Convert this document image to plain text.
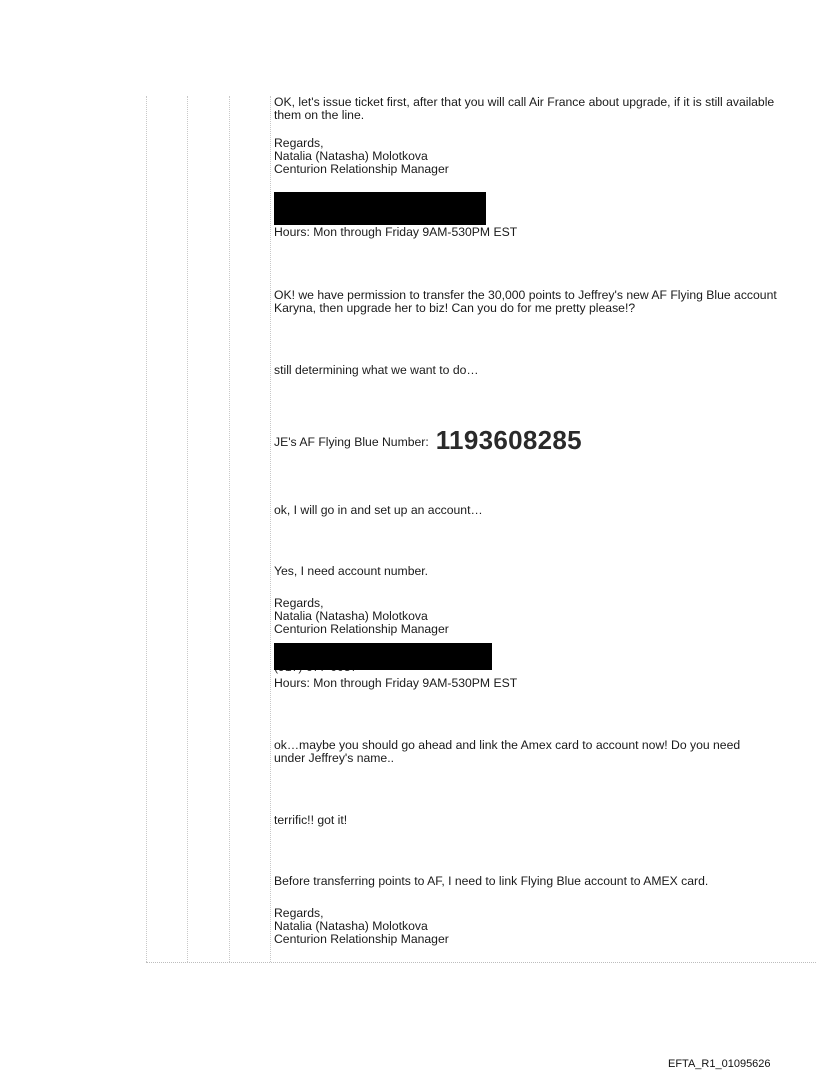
OK, let's issue ticket first, after that you will call Air France about upgrade, if it is still available
them on the line.
Regards,
Natalia (Natasha) Molotkova
Centurion Relationship Manager
Hours: Mon through Friday 9AM-530PM EST
OK! we have permission to transfer the 30,000 points to Jeffrey's new AF Flying Blue account
Karyna, then upgrade her to biz! Can you do for me pretty please!?
still determining what we want to do…
JE's AF Flying Blue Number: 1193608285
ok, I will go in and set up an account…
Yes, I need account number.
Regards,
Natalia (Natasha) Molotkova
Centurion Relationship Manager
Hours: Mon through Friday 9AM-530PM EST
ok…maybe you should go ahead and link the Amex card to account now! Do you need
under Jeffrey's name..
terrific!! got it!
Before transferring points to AF, I need to link Flying Blue account to AMEX card.
Regards,
Natalia (Natasha) Molotkova
Centurion Relationship Manager
EFTA_R1_01095626
